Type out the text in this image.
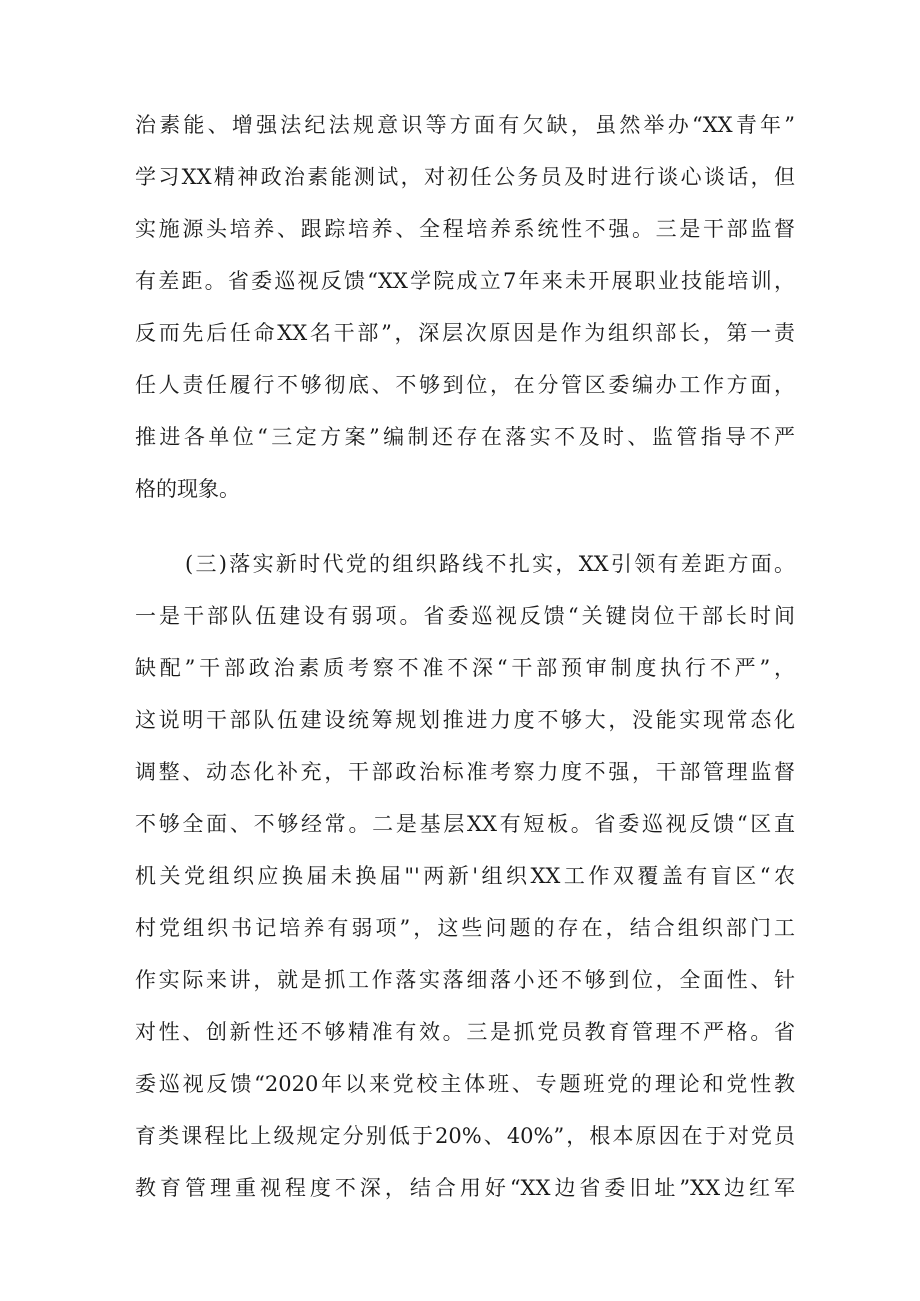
治素能、增强法纪法规意识等方面有欠缺，虽然举办“XX青年”
学习XX精神政治素能测试，对初任公务员及时进行谈心谈话，但
实施源头培养、跟踪培养、全程培养系统性不强。三是干部监督
有差距。省委巡视反馈“XX学院成立7年来未开展职业技能培训，
反而先后任命XX名干部”，深层次原因是作为组织部长，第一责
任人责任履行不够彻底、不够到位，在分管区委编办工作方面，
推进各单位“三定方案”编制还存在落实不及时、监管指导不严
格的现象。
(三)落实新时代党的组织路线不扎实，XX引领有差距方面。
一是干部队伍建设有弱项。省委巡视反馈“关键岗位干部长时间
缺配”干部政治素质考察不准不深“干部预审制度执行不严”，
这说明干部队伍建设统筹规划推进力度不够大，没能实现常态化
调整、动态化补充，干部政治标准考察力度不强，干部管理监督
不够全面、不够经常。二是基层XX有短板。省委巡视反馈“区直
机关党组织应换届未换届"'两新'组织XX工作双覆盖有盲区“农
村党组织书记培养有弱项”，这些问题的存在，结合组织部门工
作实际来讲，就是抓工作落实落细落小还不够到位，全面性、针
对性、创新性还不够精准有效。三是抓党员教育管理不严格。省
委巡视反馈“2020年以来党校主体班、专题班党的理论和党性教
育类课程比上级规定分别低于20%、40%”，根本原因在于对党员
教育管理重视程度不深，结合用好“XX边省委旧址”XX边红军
